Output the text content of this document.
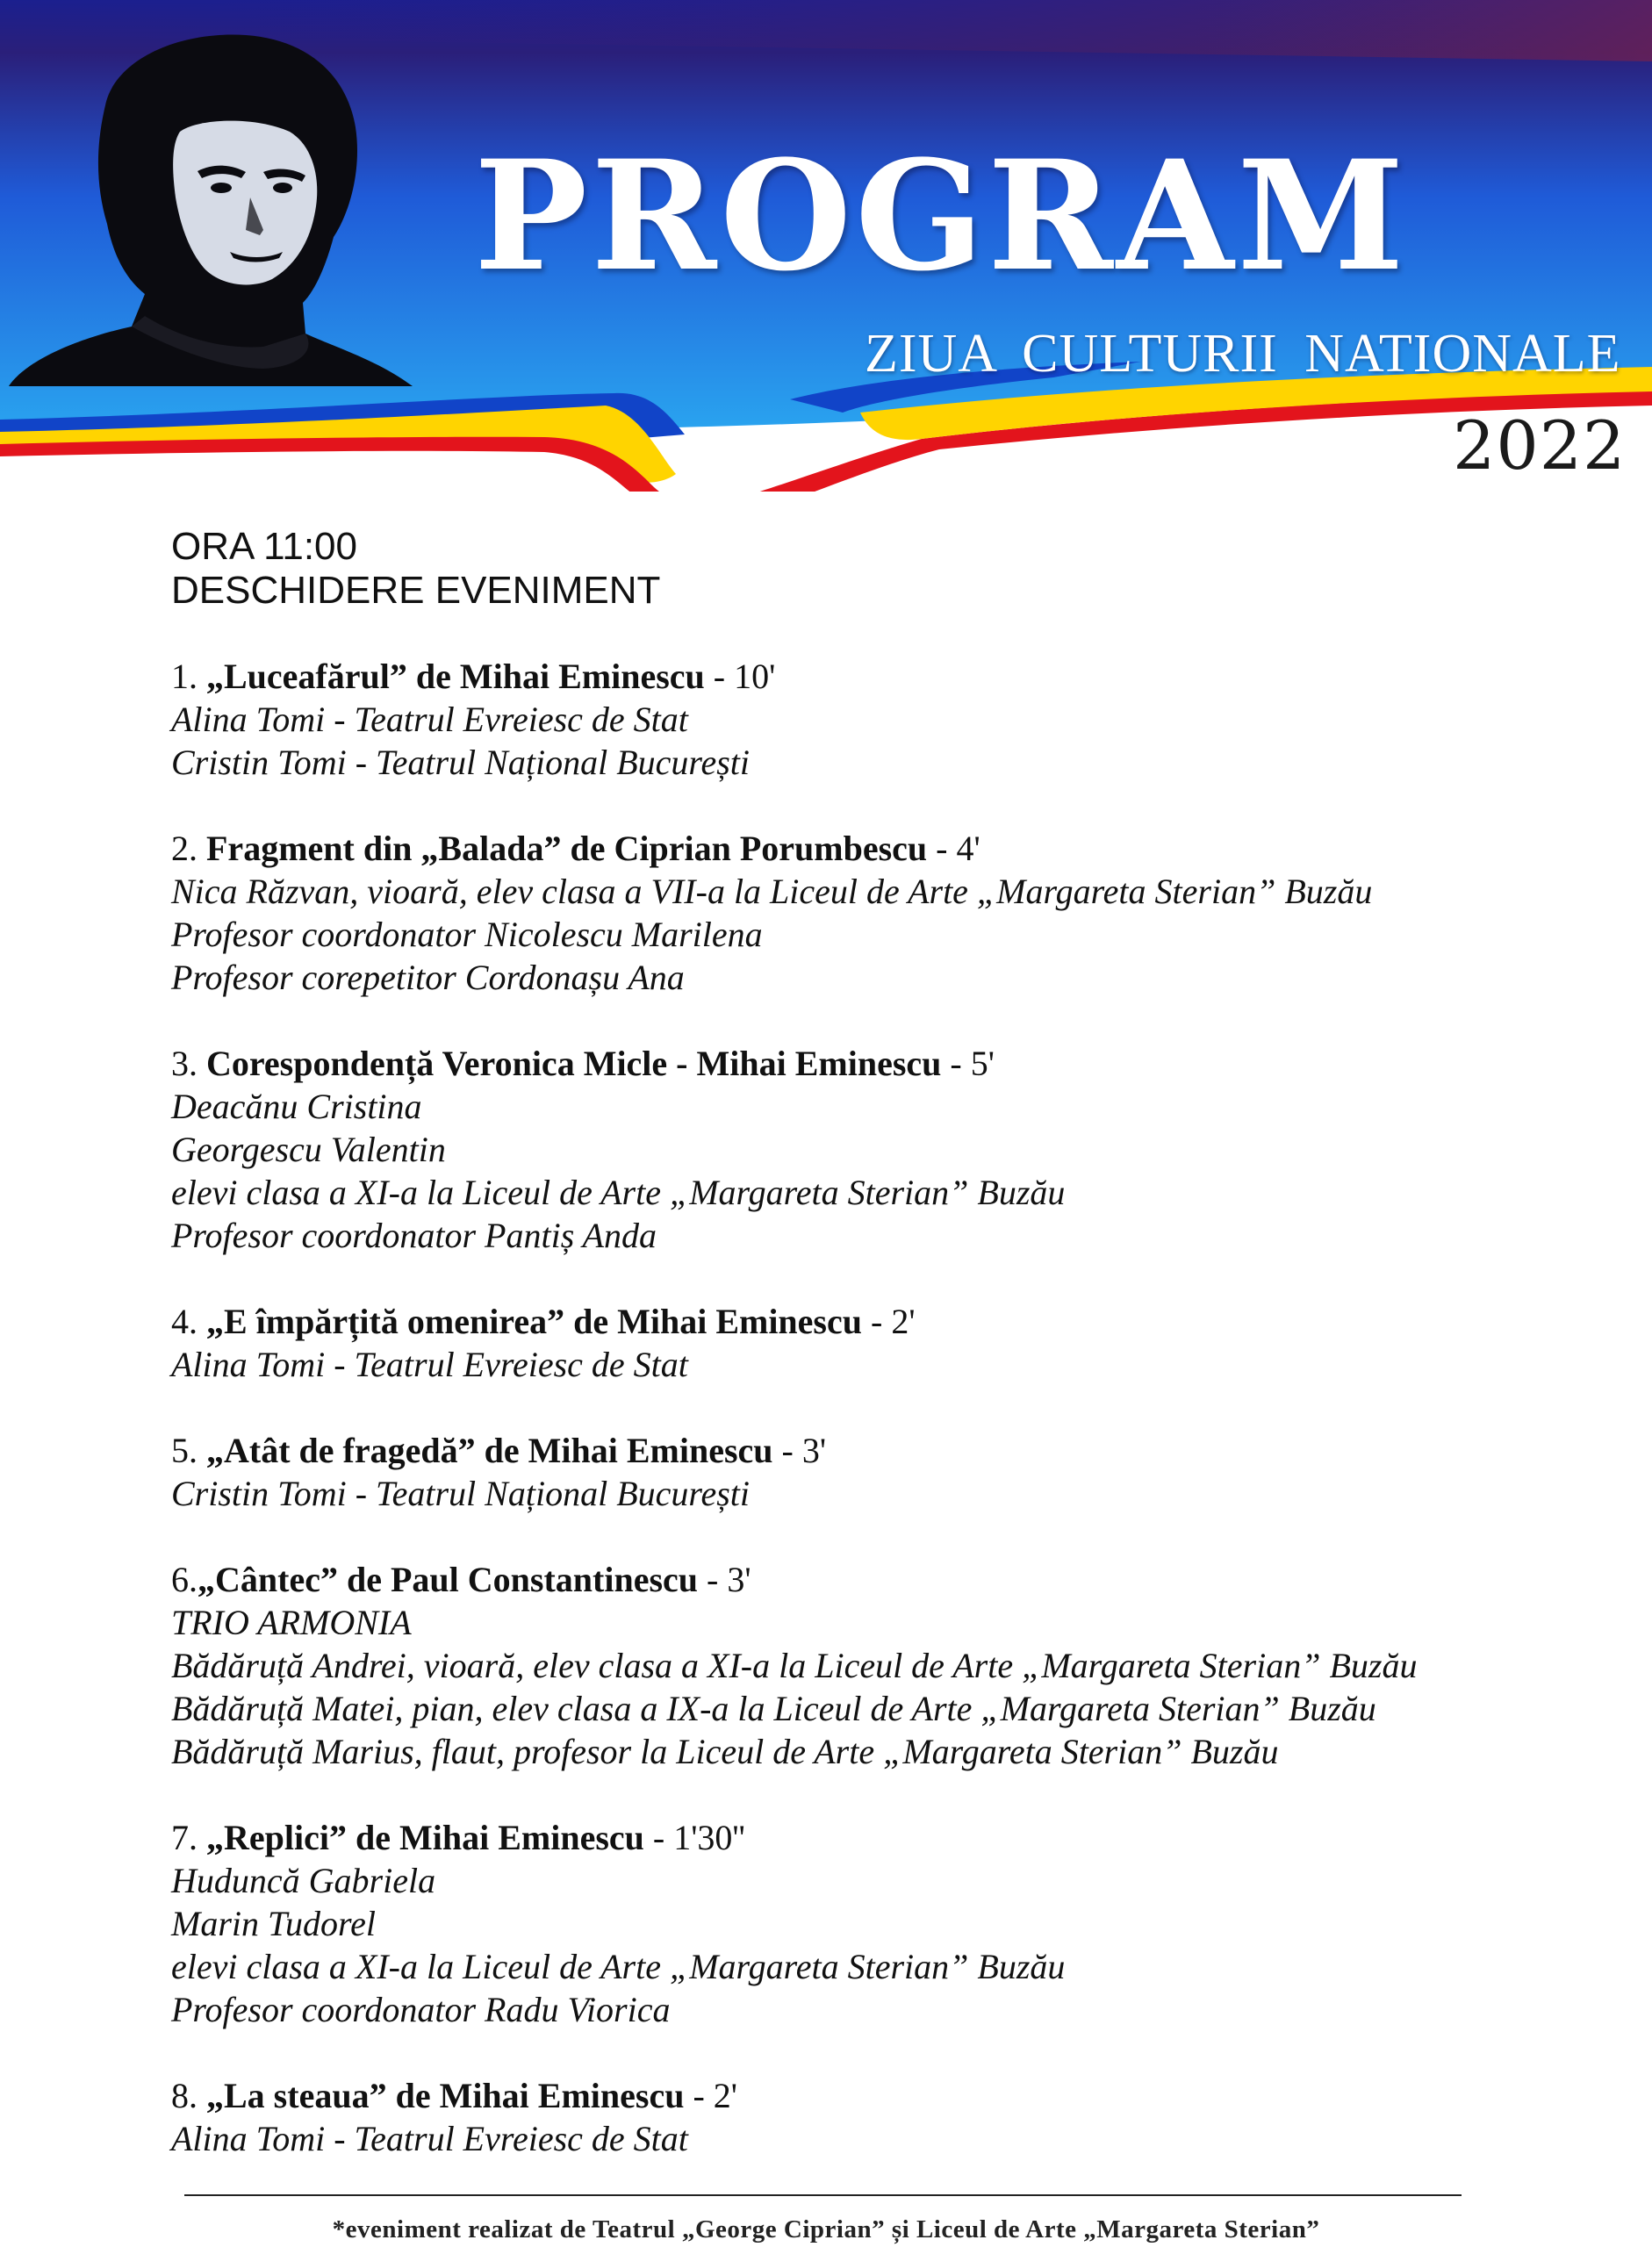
PROGRAM
ZIUA CULTURII NATIONALE
2022
ORA 11:00
DESCHIDERE EVENIMENT
1. „Luceafărul” de Mihai Eminescu - 10'
Alina Tomi - Teatrul Evreiesc de Stat
Cristin Tomi - Teatrul Național București
2. Fragment din „Balada” de Ciprian Porumbescu - 4'
Nica Răzvan, vioară, elev clasa a VII-a la Liceul de Arte „Margareta Sterian” Buzău
Profesor coordonator Nicolescu Marilena
Profesor corepetitor Cordonașu Ana
3. Corespondență Veronica Micle - Mihai Eminescu - 5'
Deacănu Cristina
Georgescu Valentin
elevi clasa a XI-a la Liceul de Arte „Margareta Sterian” Buzău
Profesor coordonator Pantiș Anda
4. „E împărțită omenirea” de Mihai Eminescu - 2'
Alina Tomi - Teatrul Evreiesc de Stat
5. „Atât de fragedă” de Mihai Eminescu - 3'
Cristin Tomi - Teatrul Național București
6.„Cântec” de Paul Constantinescu - 3'
TRIO ARMONIA
Bădăruță Andrei, vioară, elev clasa a XI-a la Liceul de Arte „Margareta Sterian” Buzău
Bădăruță Matei, pian, elev clasa a IX-a la Liceul de Arte „Margareta Sterian” Buzău
Bădăruță Marius, flaut, profesor la Liceul de Arte „Margareta Sterian” Buzău
7. „Replici” de Mihai Eminescu - 1'30''
Huduncă Gabriela
Marin Tudorel
elevi clasa a XI-a la Liceul de Arte „Margareta Sterian” Buzău
Profesor coordonator Radu Viorica
8. „La steaua” de Mihai Eminescu - 2'
Alina Tomi - Teatrul Evreiesc de Stat
*eveniment realizat de Teatrul „George Ciprian” și Liceul de Arte „Margareta Sterian”
